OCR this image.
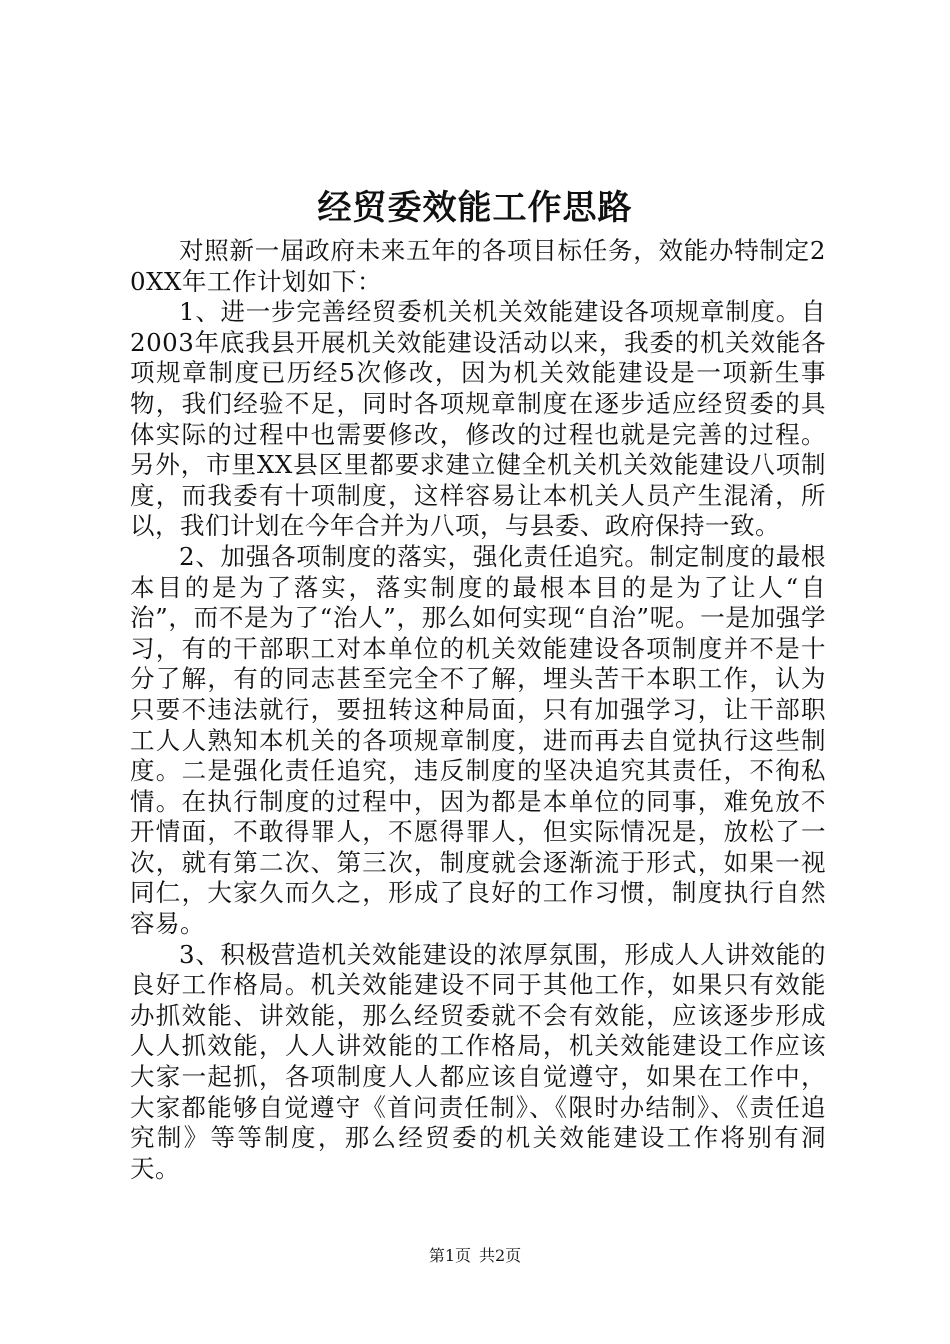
经贸委效能工作思路

对照新一届政府未来五年的各项目标任务，效能办特制定20XX年工作计划如下：

1、进一步完善经贸委机关机关效能建设各项规章制度。自2003年底我县开展机关效能建设活动以来，我委的机关效能各项规章制度已历经5次修改，因为机关效能建设是一项新生事物，我们经验不足，同时各项规章制度在逐步适应经贸委的具体实际的过程中也需要修改，修改的过程也就是完善的过程。另外，市里XX县区里都要求建立健全机关机关效能建设八项制度，而我委有十项制度，这样容易让本机关人员产生混淆，所以，我们计划在今年合并为八项，与县委、政府保持一致。

2、加强各项制度的落实，强化责任追究。制定制度的最根本目的是为了落实，落实制度的最根本目的是为了让人“自治”，而不是为了“治人”，那么如何实现“自治”呢。一是加强学习，有的干部职工对本单位的机关效能建设各项制度并不是十分了解，有的同志甚至完全不了解，埋头苦干本职工作，认为只要不违法就行，要扭转这种局面，只有加强学习，让干部职工人人熟知本机关的各项规章制度，进而再去自觉执行这些制度。二是强化责任追究，违反制度的坚决追究其责任，不徇私情。在执行制度的过程中，因为都是本单位的同事，难免放不开情面，不敢得罪人，不愿得罪人，但实际情况是，放松了一次，就有第二次、第三次，制度就会逐渐流于形式，如果一视同仁，大家久而久之，形成了良好的工作习惯，制度执行自然容易。

3、积极营造机关效能建设的浓厚氛围，形成人人讲效能的良好工作格局。机关效能建设不同于其他工作，如果只有效能办抓效能、讲效能，那么经贸委就不会有效能，应该逐步形成人人抓效能，人人讲效能的工作格局，机关效能建设工作应该大家一起抓，各项制度人人都应该自觉遵守，如果在工作中，大家都能够自觉遵守《首问责任制》、《限时办结制》、《责任追究制》等等制度，那么经贸委的机关效能建设工作将别有洞天。

第1页 共2页
